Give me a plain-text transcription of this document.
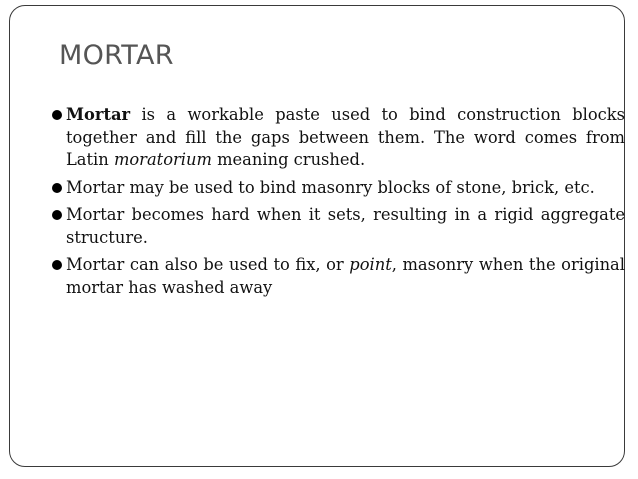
MORTAR
Mortar is a workable paste used to bind construction blocks together and fill the gaps between them. The word comes from Latin moratorium meaning crushed.
Mortar may be used to bind masonry blocks of stone, brick, etc.
Mortar becomes hard when it sets, resulting in a rigid aggregate structure.
Mortar can also be used to fix, or point, masonry when the original mortar has washed away
